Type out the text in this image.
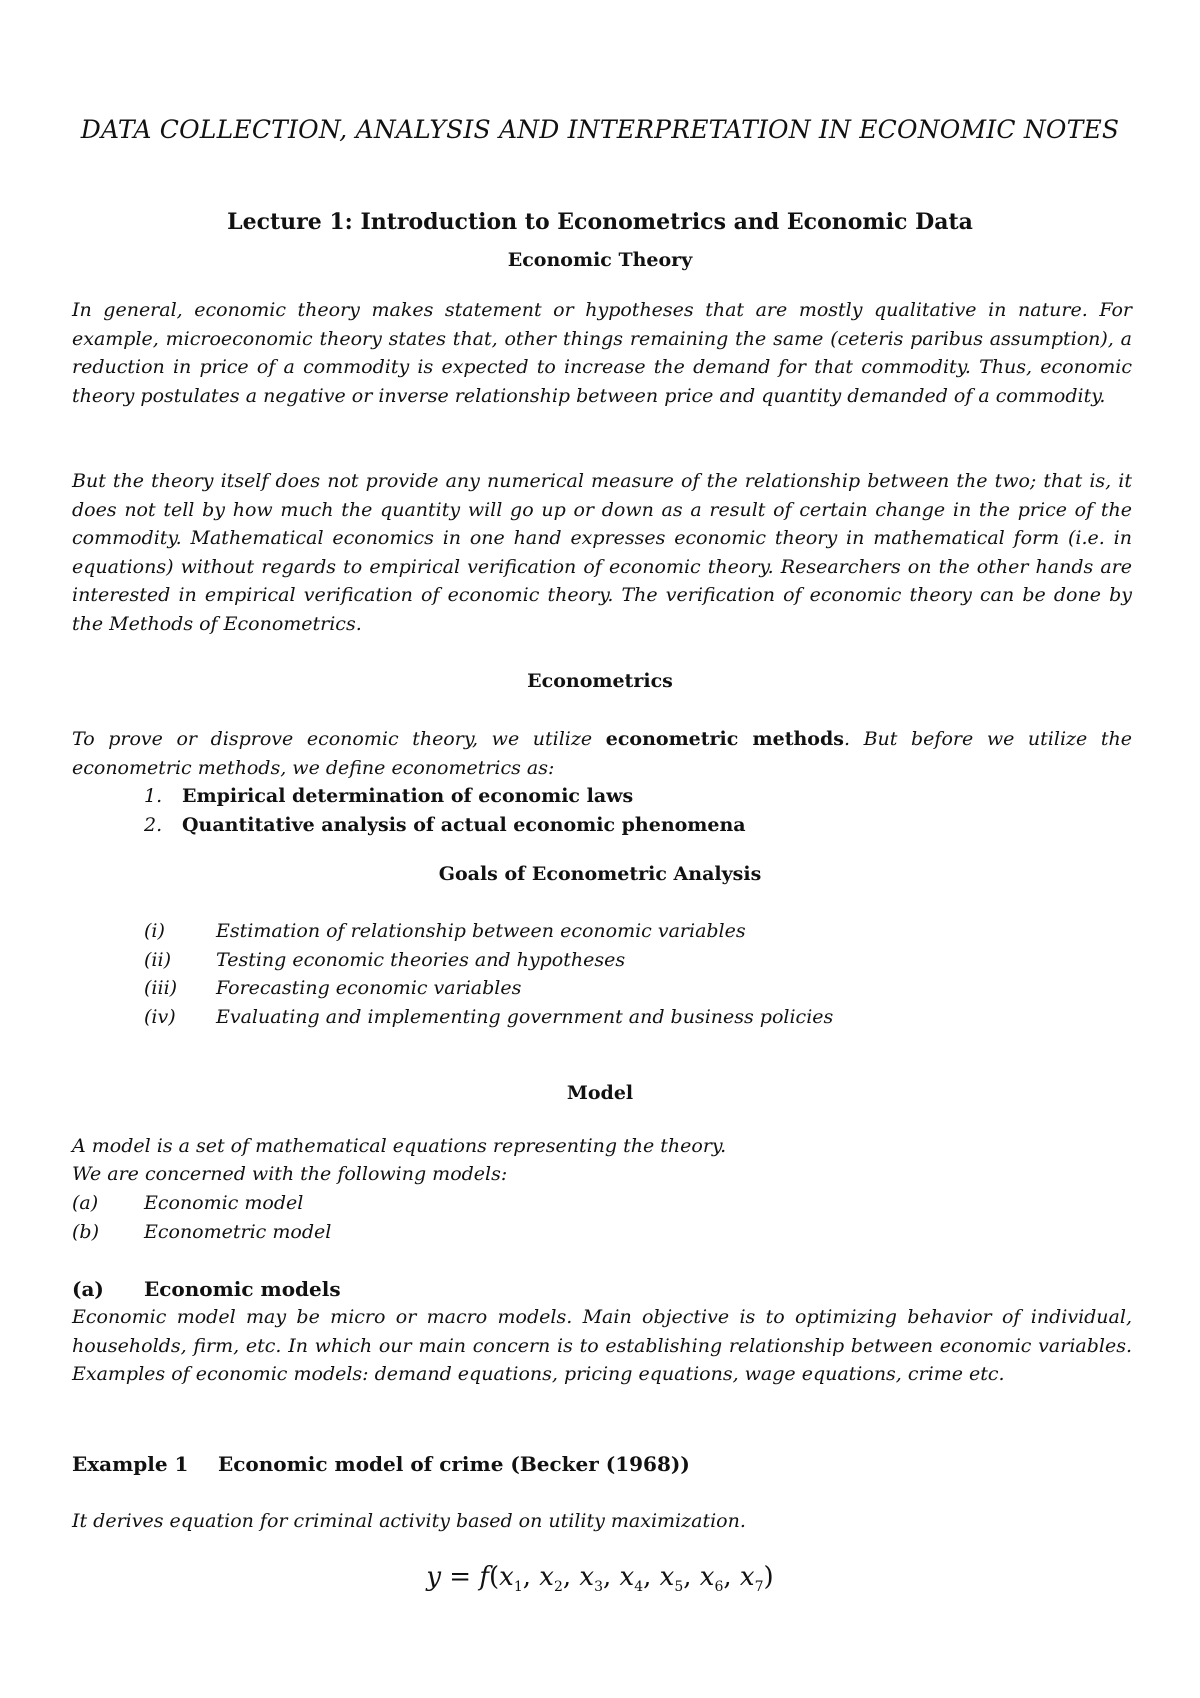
DATA COLLECTION, ANALYSIS AND INTERPRETATION IN ECONOMIC NOTES
Lecture 1: Introduction to Econometrics and Economic Data
Economic Theory
In general, economic theory makes statement or hypotheses that are mostly qualitative in nature. For example, microeconomic theory states that, other things remaining the same (ceteris paribus assumption), a reduction in price of a commodity is expected to increase the demand for that commodity. Thus, economic theory postulates a negative or inverse relationship between price and quantity demanded of a commodity.
But the theory itself does not provide any numerical measure of the relationship between the two; that is, it does not tell by how much the quantity will go up or down as a result of certain change in the price of the commodity. Mathematical economics in one hand expresses economic theory in mathematical form (i.e. in equations) without regards to empirical verification of economic theory. Researchers on the other hands are interested in empirical verification of economic theory. The verification of economic theory can be done by the Methods of Econometrics.
Econometrics
To prove or disprove economic theory, we utilize econometric methods. But before we utilize the econometric methods, we define econometrics as:
1.	Empirical determination of economic laws
2.	Quantitative analysis of actual economic phenomena
Goals of Econometric Analysis
(i)	Estimation of relationship between economic variables
(ii)	Testing economic theories and hypotheses
(iii)	Forecasting economic variables
(iv)	Evaluating and implementing government and business policies
Model
A model is a set of mathematical equations representing the theory.
We are concerned with the following models:
(a)	Economic model
(b)	Econometric model
(a)	Economic models
Economic model may be micro or macro models. Main objective is to optimizing behavior of individual, households, firm, etc. In which our main concern is to establishing relationship between economic variables. Examples of economic models: demand equations, pricing equations, wage equations, crime etc.
Example 1	Economic model of crime (Becker (1968))
It derives equation for criminal activity based on utility maximization.
$y = f(x_1$, $x_2$, $x_3$, $x_4$, $x_5$, $x_6$, $x_7$)
